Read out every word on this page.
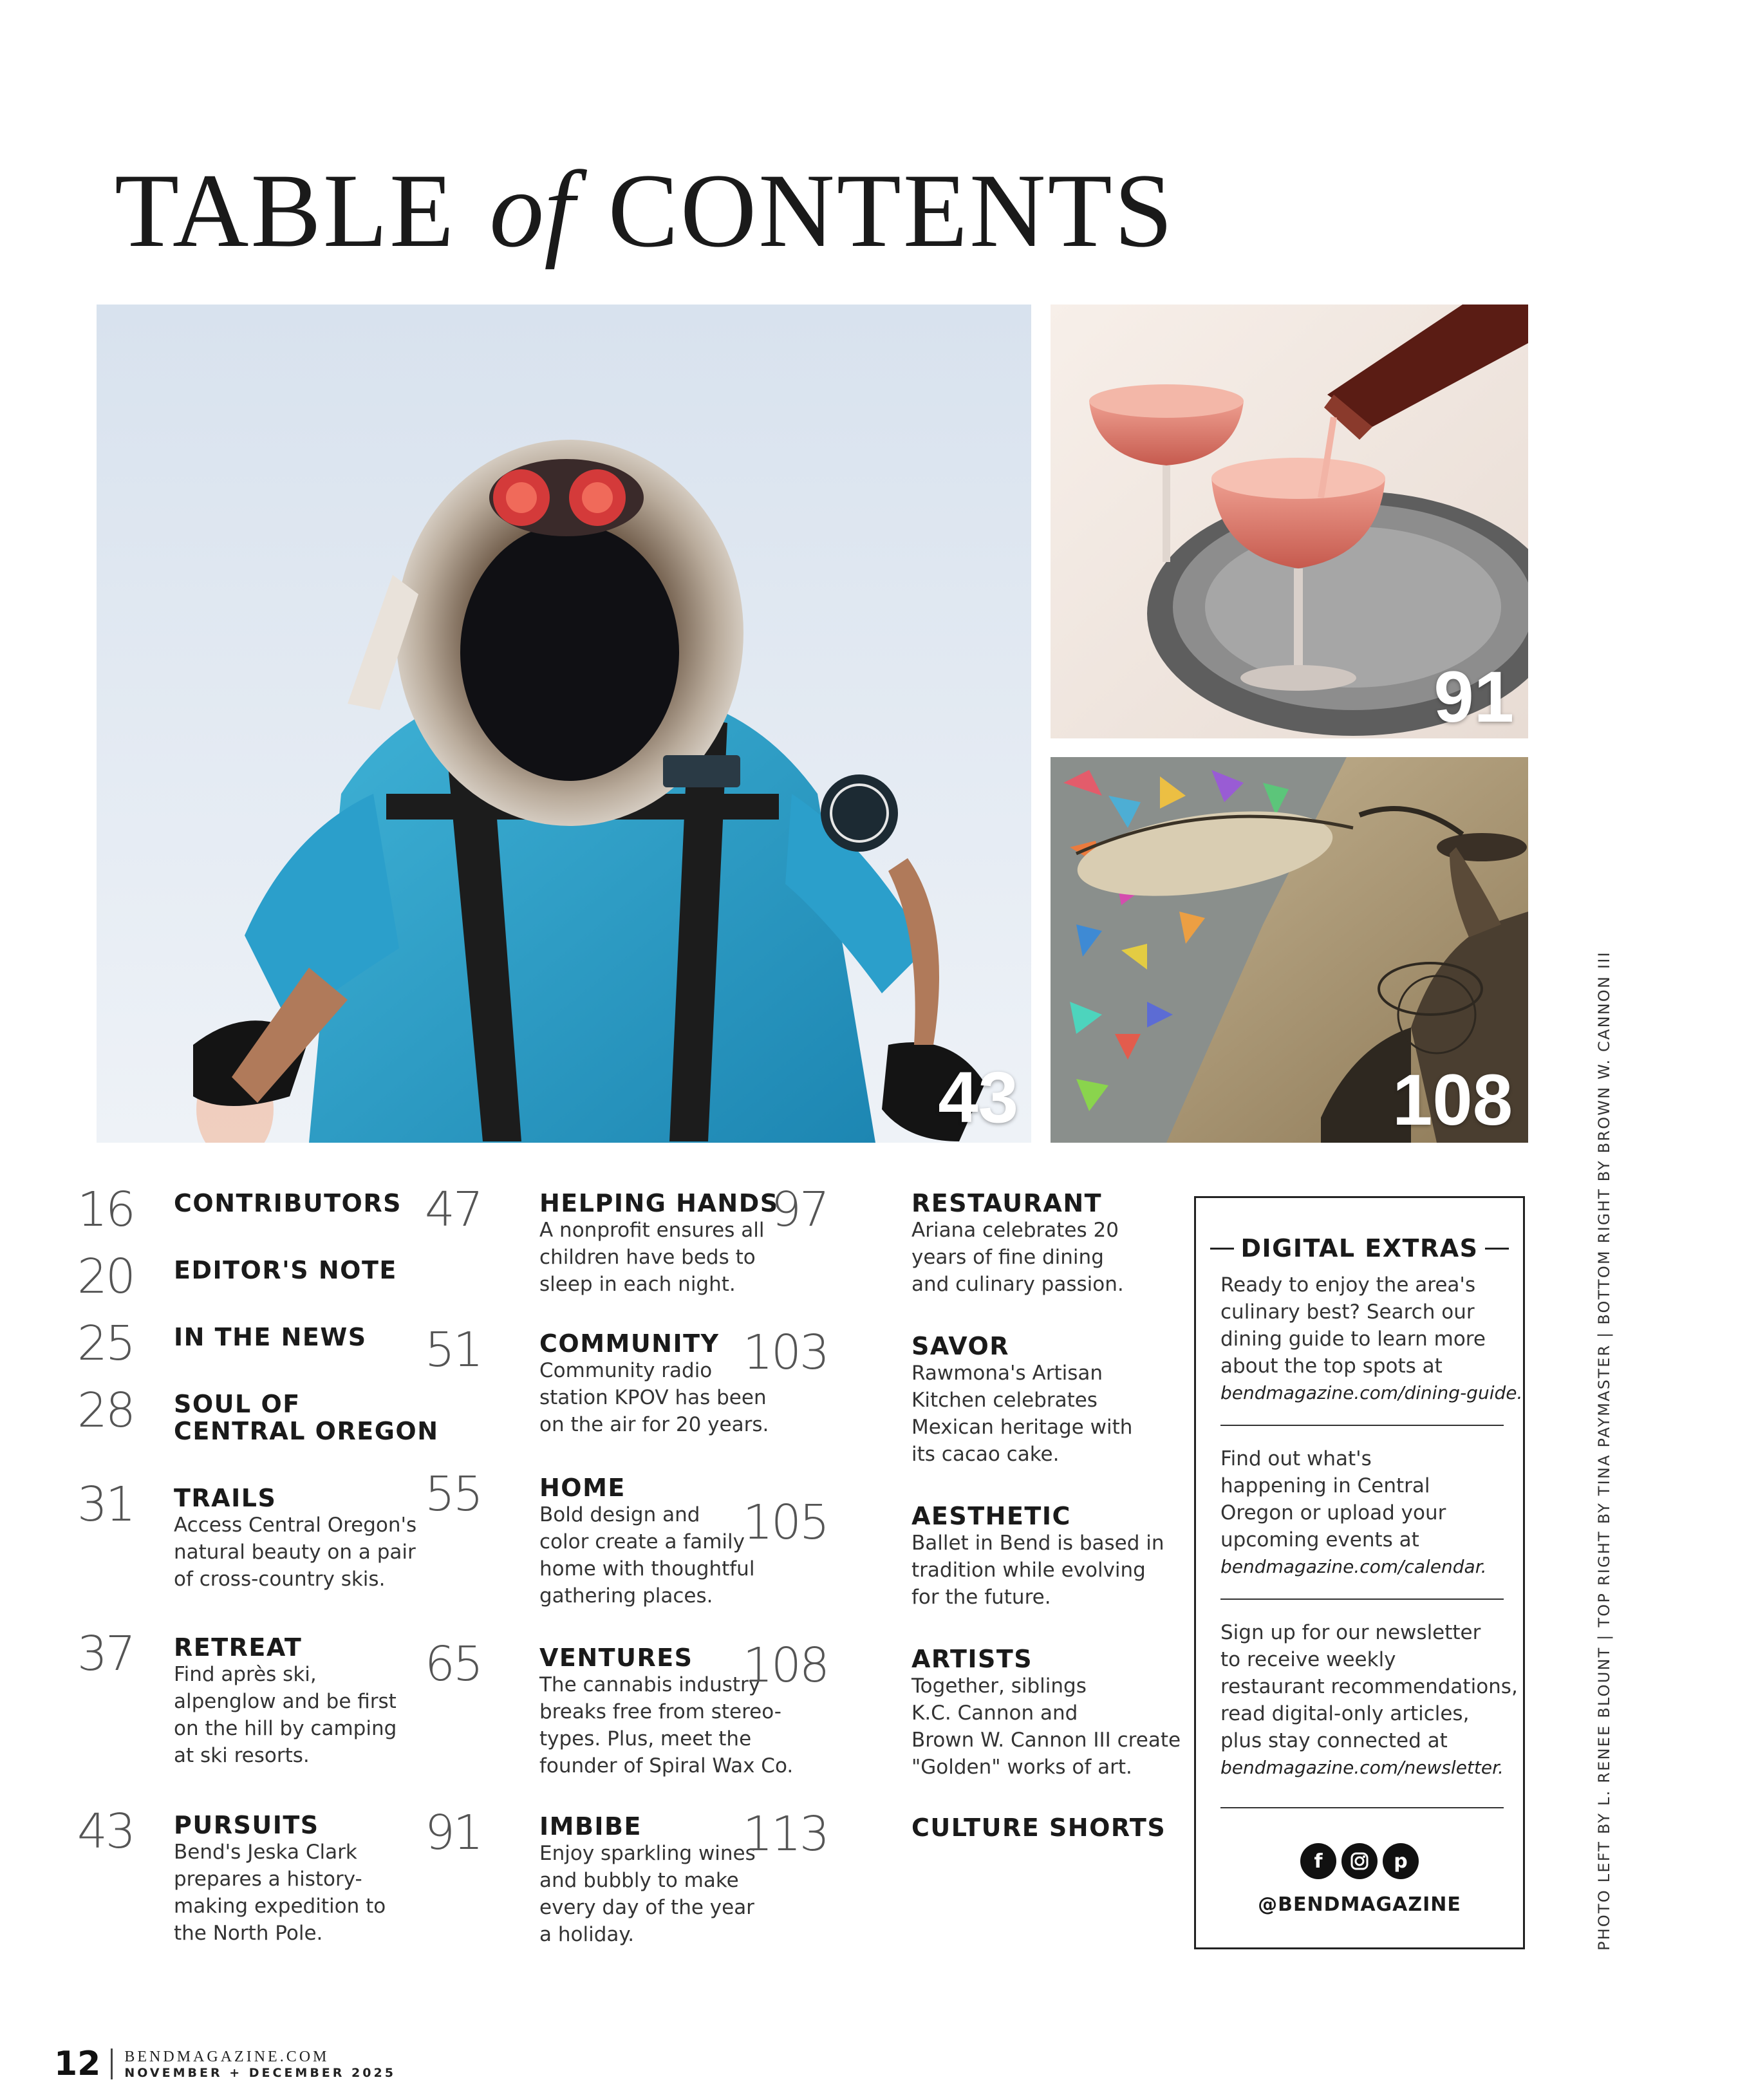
TABLE of CONTENTS
43
91
108
16 CONTRIBUTORS
20 EDITOR'S NOTE
25 IN THE NEWS
28 SOUL OF
CENTRAL OREGON
31 TRAILS
Access Central Oregon's
natural beauty on a pair
of cross-country skis.
37 RETREAT
Find après ski,
alpenglow and be first
on the hill by camping
at ski resorts.
43 PURSUITS
Bend's Jeska Clark
prepares a history-
making expedition to
the North Pole.
47 HELPING HANDS
A nonprofit ensures all
children have beds to
sleep in each night.
51 COMMUNITY
Community radio
station KPOV has been
on the air for 20 years.
55 HOME
Bold design and
color create a family
home with thoughtful
gathering places.
65 VENTURES
The cannabis industry
breaks free from stereo-
types. Plus, meet the
founder of Spiral Wax Co.
91 IMBIBE
Enjoy sparkling wines
and bubbly to make
every day of the year
a holiday.
97	RESTAURANT
Ariana celebrates 20
years of fine dining
and culinary passion.
103	SAVOR
Rawmona's Artisan
Kitchen celebrates
Mexican heritage with
its cacao cake.
105	AESTHETIC
Ballet in Bend is based in
tradition while evolving
for the future.
108	ARTISTS
Together, siblings
K.C. Cannon and
Brown W. Cannon III create
"Golden" works of art.
113	CULTURE SHORTS
DIGITAL EXTRAS
Ready to enjoy the area's
culinary best? Search our
dining guide to learn more
about the top spots at
bendmagazine.com/dining-guide.
Find out what's
happening in Central
Oregon or upload your
upcoming events at
bendmagazine.com/calendar.
Sign up for our newsletter
to receive weekly
restaurant recommendations,
read digital-only articles,
plus stay connected at
bendmagazine.com/newsletter.
f	p
@BENDMAGAZINE	PHOTO LEFT BY L. RENEE BLOUNT | TOP RIGHT BY TINA PAYMASTER | BOTTOM RIGHT BY BROWN W. CANNON III
12 BENDMAGAZINE.COM
NOVEMBER + DECEMBER 2025
